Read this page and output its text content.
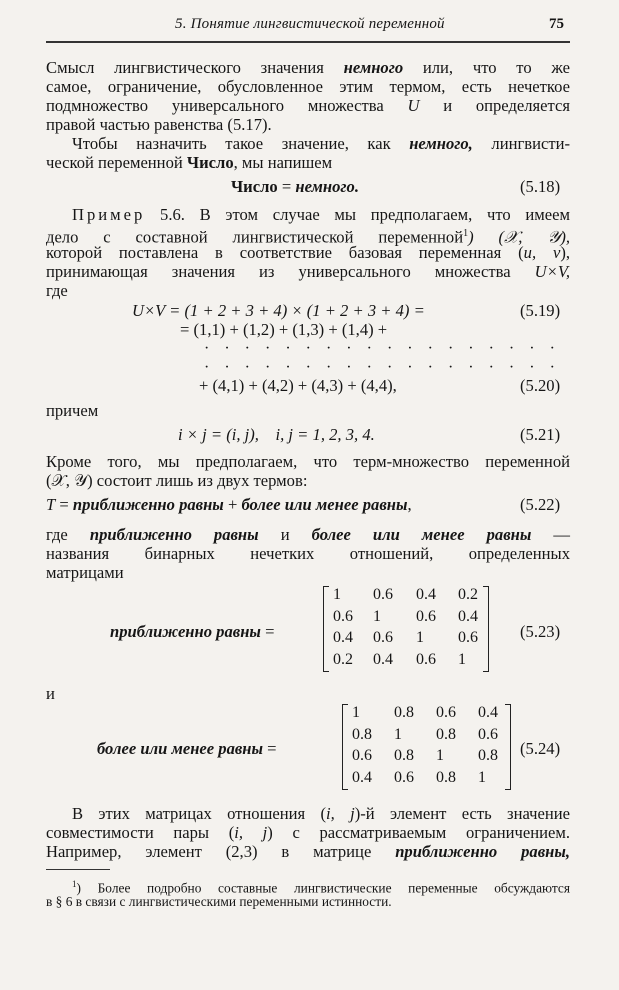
5. Понятие лингвистической переменной	75
Смысл лингвистического значения немного или, что то же
самое, ограничение, обусловленное этим термом, есть нечеткое
подмножество универсального множества U и определяется
правой частью равенства (5.17).
Чтобы назначить такое значение, как немного, лингвисти-
ческой переменной Число, мы напишем
Число = немного.	(5.18)
Пример 5.6. В этом случае мы предполагаем, что имеем
дело с составной лингвистической переменной$^1$) (𝒳, 𝒴),
которой поставлена в соответствие базовая переменная (u, v),
принимающая значения из универсального множества U×V,
где
U×V = (1 + 2 + 3 + 4) × (1 + 2 + 3 + 4) =	(5.19)
= (1,1) + (1,2) + (1,3) + (1,4) +
· · · · · · · · · · · · · · · · · ·
· · · · · · · · · · · · · · · · · ·
+ (4,1) + (4,2) + (4,3) + (4,4),	(5.20)
причем
i × j = (i, j),    i, j = 1, 2, 3, 4.	(5.21)
Кроме того, мы предполагаем, что терм-множество переменной
(𝒳, 𝒴) состоит лишь из двух термов:
T = приближенно равны + более или менее равны,	(5.22)
где приближенно равны и более или менее равны —
названия бинарных нечетких отношений, определенных
матрицами
приближенно равны =
1	0.6	0.4	0.2
0.6	1	0.6	0.4
0.4	0.6	1	0.6
0.2	0.4	0.6	1
(5.23)
и
более или менее равны =
1	0.8	0.6	0.4
0.8	1	0.8	0.6
0.6	0.8	1	0.8
0.4	0.6	0.8	1
(5.24)
В этих матрицах отношения (i, j)-й элемент есть значение
совместимости пары (i, j) с рассматриваемым ограничением.
Например, элемент (2,3) в матрице приближенно равны,
$^1$) Более подробно составные лингвистические переменные обсуждаются
в § 6 в связи с лингвистическими переменными истинности.
